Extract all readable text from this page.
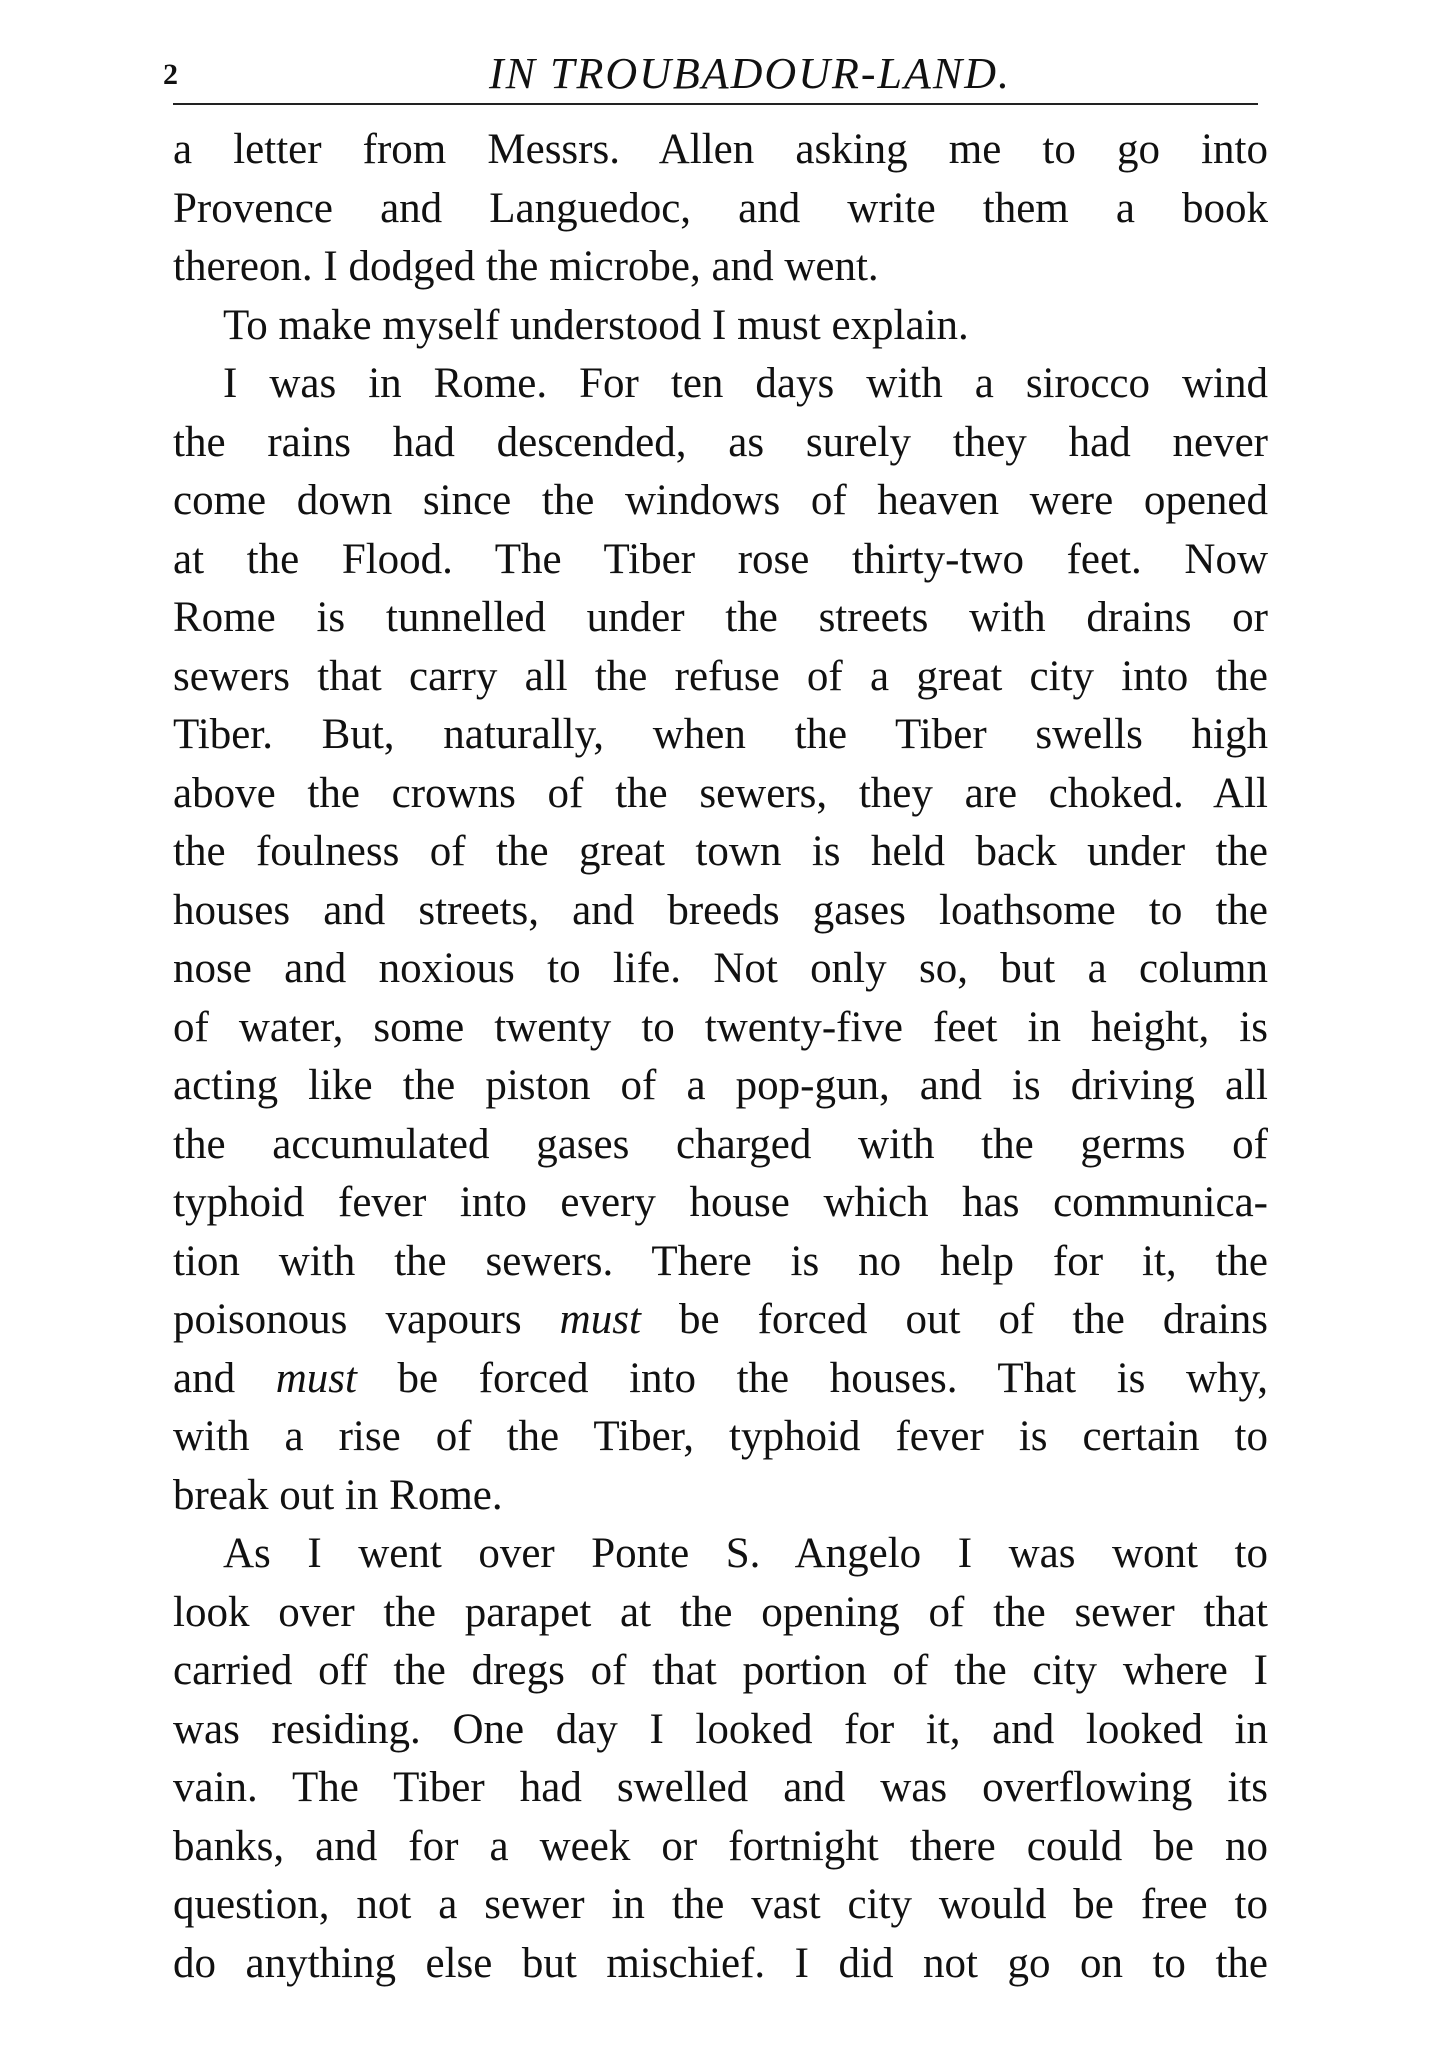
2	IN TROUBADOUR-LAND.
a letter from Messrs. Allen asking me to go into
Provence and Languedoc, and write them a book
thereon. I dodged the microbe, and went.
To make myself understood I must explain.
I was in Rome. For ten days with a sirocco wind
the rains had descended, as surely they had never
come down since the windows of heaven were opened
at the Flood. The Tiber rose thirty-two feet. Now
Rome is tunnelled under the streets with drains or
sewers that carry all the refuse of a great city into the
Tiber. But, naturally, when the Tiber swells high
above the crowns of the sewers, they are choked. All
the foulness of the great town is held back under the
houses and streets, and breeds gases loathsome to the
nose and noxious to life. Not only so, but a column
of water, some twenty to twenty-five feet in height, is
acting like the piston of a pop-gun, and is driving all
the accumulated gases charged with the germs of
typhoid fever into every house which has communica-
tion with the sewers. There is no help for it, the
poisonous vapours must be forced out of the drains
and must be forced into the houses. That is why,
with a rise of the Tiber, typhoid fever is certain to
break out in Rome.
As I went over Ponte S. Angelo I was wont to
look over the parapet at the opening of the sewer that
carried off the dregs of that portion of the city where I
was residing. One day I looked for it, and looked in
vain. The Tiber had swelled and was overflowing its
banks, and for a week or fortnight there could be no
question, not a sewer in the vast city would be free to
do anything else but mischief. I did not go on to the
